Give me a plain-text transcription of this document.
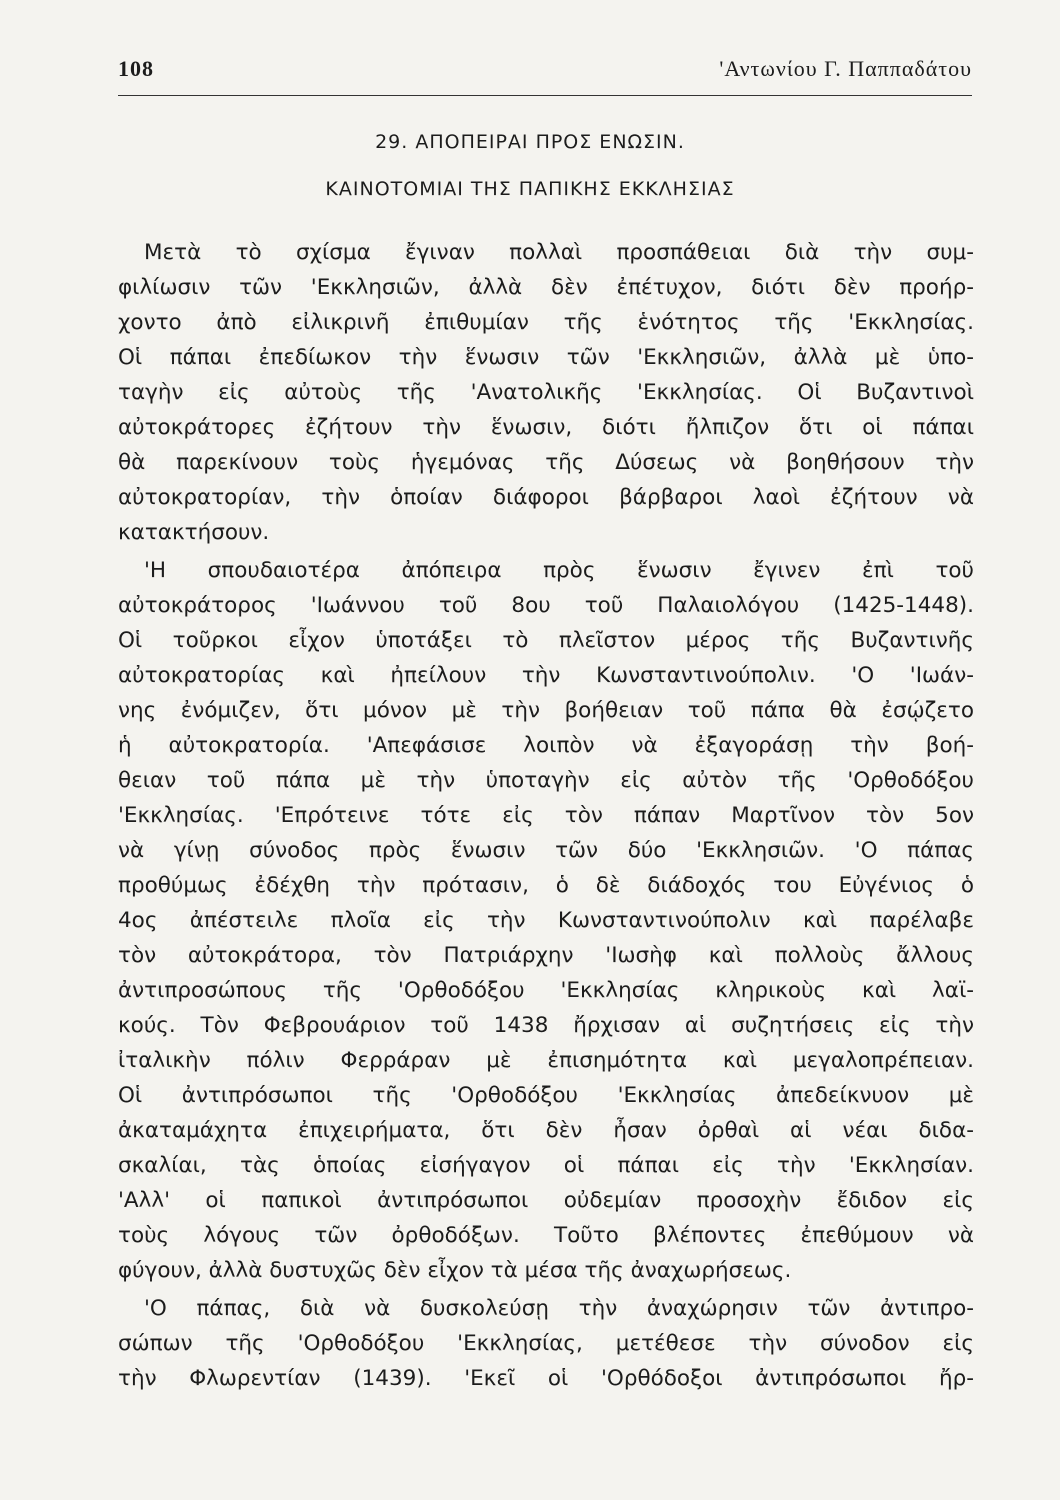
108	'Αντωνίου Γ. Παππαδάτου
29. ΑΠΟΠΕΙΡΑΙ ΠΡΟΣ ΕΝΩΣΙΝ.
ΚΑΙΝΟΤΟΜΙΑΙ ΤΗΣ ΠΑΠΙΚΗΣ ΕΚΚΛΗΣΙΑΣ
Μετὰ τὸ σχίσμα ἔγιναν πολλαὶ προσπάθειαι διὰ τὴν συμ-
φιλίωσιν τῶν 'Εκκλησιῶν, ἀλλὰ δὲν ἐπέτυχον, διότι δὲν προήρ-
χοντο ἀπὸ εἰλικρινῆ ἐπιθυμίαν τῆς ἑνότητος τῆς 'Εκκλησίας.
Οἱ πάπαι ἐπεδίωκον τὴν ἕνωσιν τῶν 'Εκκλησιῶν, ἀλλὰ μὲ ὑπο-
ταγὴν εἰς αὐτοὺς τῆς 'Ανατολικῆς 'Εκκλησίας. Οἱ Βυζαντινοὶ
αὐτοκράτορες ἐζήτουν τὴν ἕνωσιν, διότι ἤλπιζον ὅτι οἱ πάπαι
θὰ παρεκίνουν τοὺς ἡγεμόνας τῆς Δύσεως νὰ βοηθήσουν τὴν
αὐτοκρατορίαν, τὴν ὁποίαν διάφοροι βάρβαροι λαοὶ ἐζήτουν νὰ
κατακτήσουν.
'Η σπουδαιοτέρα ἀπόπειρα πρὸς ἕνωσιν ἔγινεν ἐπὶ τοῦ
αὐτοκράτορος 'Ιωάννου τοῦ 8ου τοῦ Παλαιολόγου (1425-1448).
Οἱ τοῦρκοι εἶχον ὑποτάξει τὸ πλεῖστον μέρος τῆς Βυζαντινῆς
αὐτοκρατορίας καὶ ἠπείλουν τὴν Κωνσταντινούπολιν. 'Ο 'Ιωάν-
νης ἐνόμιζεν, ὅτι μόνον μὲ τὴν βοήθειαν τοῦ πάπα θὰ ἐσῴζετο
ἡ αὐτοκρατορία. 'Απεφάσισε λοιπὸν νὰ ἐξαγοράσῃ τὴν βοή-
θειαν τοῦ πάπα μὲ τὴν ὑποταγὴν εἰς αὐτὸν τῆς 'Ορθοδόξου
'Εκκλησίας. 'Επρότεινε τότε εἰς τὸν πάπαν Μαρτῖνον τὸν 5ον
νὰ γίνῃ σύνοδος πρὸς ἕνωσιν τῶν δύο 'Εκκλησιῶν. 'Ο πάπας
προθύμως ἐδέχθη τὴν πρότασιν, ὁ δὲ διάδοχός του Εὐγένιος ὁ
4ος ἀπέστειλε πλοῖα εἰς τὴν Κωνσταντινούπολιν καὶ παρέλαβε
τὸν αὐτοκράτορα, τὸν Πατριάρχην 'Ιωσὴφ καὶ πολλοὺς ἄλλους
ἀντιπροσώπους τῆς 'Ορθοδόξου 'Εκκλησίας κληρικοὺς καὶ λαϊ-
κούς. Τὸν Φεβρουάριον τοῦ 1438 ἤρχισαν αἱ συζητήσεις εἰς τὴν
ἰταλικὴν πόλιν Φερράραν μὲ ἐπισημότητα καὶ μεγαλοπρέπειαν.
Οἱ ἀντιπρόσωποι τῆς 'Ορθοδόξου 'Εκκλησίας ἀπεδείκνυον μὲ
ἀκαταμάχητα ἐπιχειρήματα, ὅτι δὲν ἦσαν ὀρθαὶ αἱ νέαι διδα-
σκαλίαι, τὰς ὁποίας εἰσήγαγον οἱ πάπαι εἰς τὴν 'Εκκλησίαν.
'Αλλ' οἱ παπικοὶ ἀντιπρόσωποι οὐδεμίαν προσοχὴν ἔδιδον εἰς
τοὺς λόγους τῶν ὀρθοδόξων. Τοῦτο βλέποντες ἐπεθύμουν νὰ
φύγουν, ἀλλὰ δυστυχῶς δὲν εἶχον τὰ μέσα τῆς ἀναχωρήσεως.
'Ο πάπας, διὰ νὰ δυσκολεύσῃ τὴν ἀναχώρησιν τῶν ἀντιπρο-
σώπων τῆς 'Ορθοδόξου 'Εκκλησίας, μετέθεσε τὴν σύνοδον εἰς
τὴν Φλωρεντίαν (1439). 'Εκεῖ οἱ 'Ορθόδοξοι ἀντιπρόσωποι ἤρ-
